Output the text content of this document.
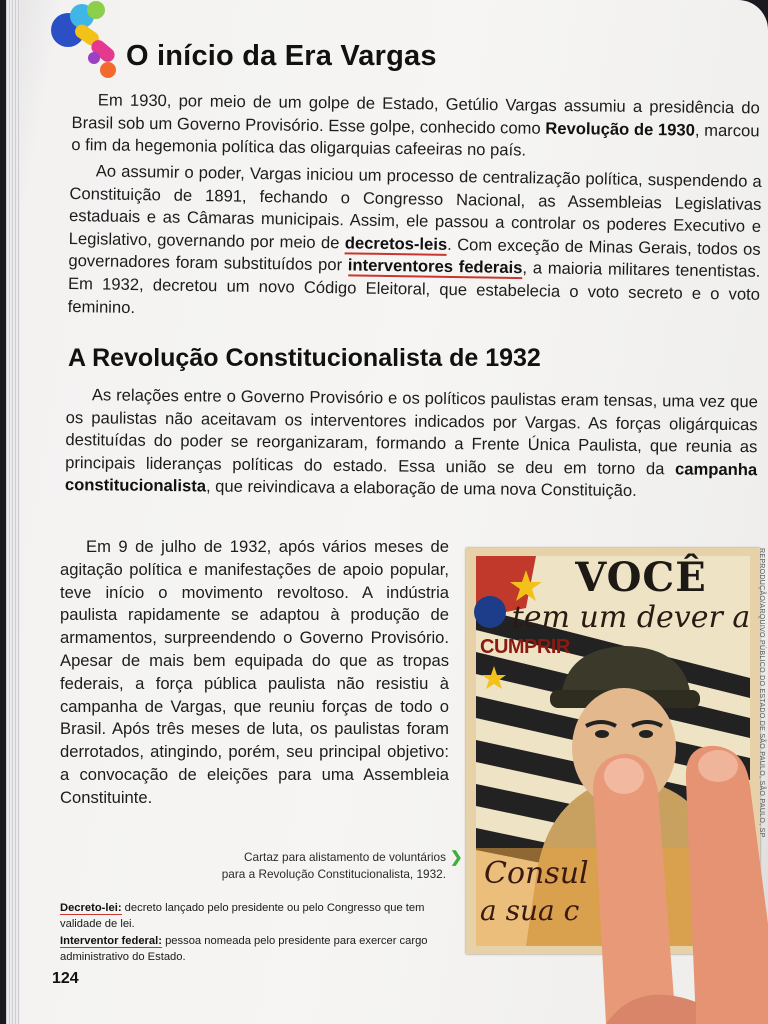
O início da Era Vargas

Em 1930, por meio de um golpe de Estado, Getúlio Vargas assumiu a presidência do Brasil sob um Governo Provisório. Esse golpe, conhecido como Revolução de 1930, marcou o fim da hegemonia política das oligarquias cafeeiras no país.

Ao assumir o poder, Vargas iniciou um processo de centralização política, suspendendo a Constituição de 1891, fechando o Congresso Nacional, as Assembleias Legislativas estaduais e as Câmaras municipais. Assim, ele passou a controlar os poderes Executivo e Legislativo, governando por meio de decretos-leis. Com exceção de Minas Gerais, todos os governadores foram substituídos por interventores federais, a maioria militares tenentistas. Em 1932, decretou um novo Código Eleitoral, que estabelecia o voto secreto e o voto feminino.

A Revolução Constitucionalista de 1932

As relações entre o Governo Provisório e os políticos paulistas eram tensas, uma vez que os paulistas não aceitavam os interventores indicados por Vargas. As forças oligárquicas destituídas do poder se reorganizaram, formando a Frente Única Paulista, que reunia as principais lideranças políticas do estado. Essa união se deu em torno da campanha constitucionalista, que reivindicava a elaboração de uma nova Constituição.

Em 9 de julho de 1932, após vários meses de agitação política e manifestações de apoio popular, teve início o movimento revoltoso. A indústria paulista rapidamente se adaptou à produção de armamentos, surpreendendo o Governo Provisório. Apesar de mais bem equipada do que as tropas federais, a força pública paulista não resistiu à campanha de Vargas, que reuniu forças de todo o Brasil. Após três meses de luta, os paulistas foram derrotados, atingindo, porém, seu principal objetivo: a convocação de eleições para uma Assembleia Constituinte.

VOCÊ
tem um dever a
CUMPRIR
Consul
a sua c
REPRODUÇÃO/ARQUIVO PÚBLICO DO ESTADO DE SÃO PAULO, SÃO PAULO, SP
Cartaz para alistamento de voluntários
para a Revolução Constitucionalista, 1932.
❯
Decreto-lei: decreto lançado pelo presidente ou pelo Congresso que tem validade de lei.
Interventor federal: pessoa nomeada pelo presidente para exercer cargo administrativo do Estado.
124
